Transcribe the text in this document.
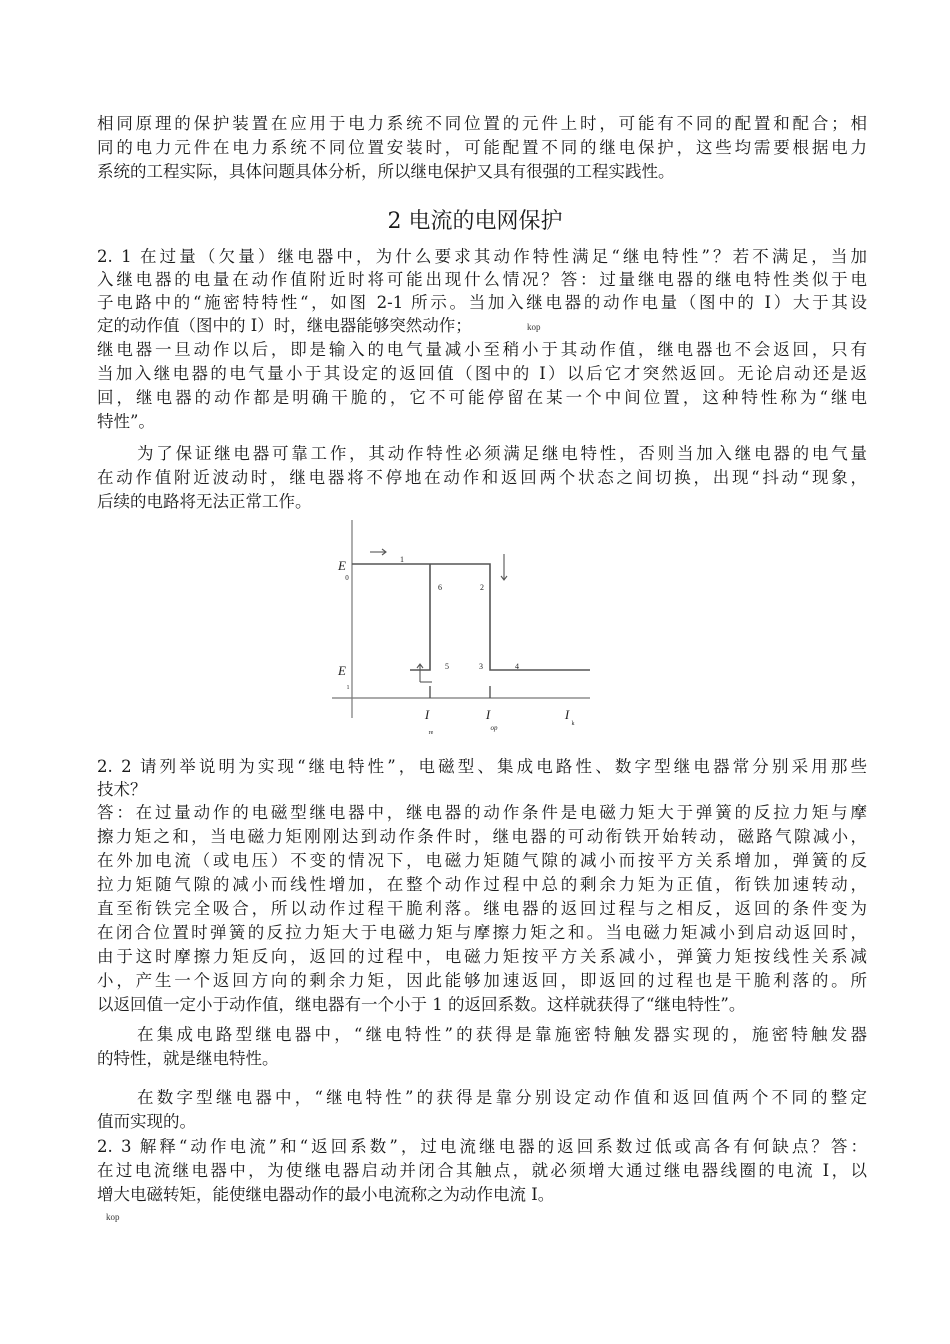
相同原理的保护装置在应用于电力系统不同位置的元件上时，可能有不同的配置和配合；相
同的电力元件在电力系统不同位置安装时，可能配置不同的继电保护，这些均需要根据电力
系统的工程实际，具体问题具体分析，所以继电保护又具有很强的工程实践性。
2 电流的电网保护
2. 1 在过量（欠量）继电器中，为什么要求其动作特性满足“继电特性”？若不满足，当加
入继电器的电量在动作值附近时将可能出现什么情况？答：过量继电器的继电特性类似于电
子电路中的“施密特特性“，如图 2-1 所示。当加入继电器的动作电量（图中的 I）大于其设
定的动作值（图中的 I）时，继电器能够突然动作；	kop
继电器一旦动作以后，即是输入的电气量减小至稍小于其动作值，继电器也不会返回，只有
当加入继电器的电气量小于其设定的返回值（图中的 I）以后它才突然返回。无论启动还是返
回，继电器的动作都是明确干脆的，它不可能停留在某一个中间位置，这种特性称为“继电
特性”。
为了保证继电器可靠工作，其动作特性必须满足继电特性，否则当加入继电器的电气量
在动作值附近波动时，继电器将不停地在动作和返回两个状态之间切换，出现“抖动“现象，
后续的电路将无法正常工作。
E
0
E
1
I
re
I
op
I
k
1
2
3	4
5
6
2. 2 请列举说明为实现“继电特性”，电磁型、集成电路性、数字型继电器常分别采用那些
技术？
答：在过量动作的电磁型继电器中，继电器的动作条件是电磁力矩大于弹簧的反拉力矩与摩
擦力矩之和，当电磁力矩刚刚达到动作条件时，继电器的可动衔铁开始转动，磁路气隙减小，
在外加电流（或电压）不变的情况下，电磁力矩随气隙的减小而按平方关系增加，弹簧的反
拉力矩随气隙的减小而线性增加，在整个动作过程中总的剩余力矩为正值，衔铁加速转动，
直至衔铁完全吸合，所以动作过程干脆利落。继电器的返回过程与之相反，返回的条件变为
在闭合位置时弹簧的反拉力矩大于电磁力矩与摩擦力矩之和。当电磁力矩减小到启动返回时，
由于这时摩擦力矩反向，返回的过程中，电磁力矩按平方关系减小，弹簧力矩按线性关系减
小，产生一个返回方向的剩余力矩，因此能够加速返回，即返回的过程也是干脆利落的。所
以返回值一定小于动作值，继电器有一个小于 1 的返回系数。这样就获得了“继电特性”。
在集成电路型继电器中，“继电特性”的获得是靠施密特触发器实现的，施密特触发器
的特性，就是继电特性。
在数字型继电器中，“继电特性”的获得是靠分别设定动作值和返回值两个不同的整定
值而实现的。
2. 3 解释“动作电流”和“返回系数”，过电流继电器的返回系数过低或高各有何缺点？答：
在过电流继电器中，为使继电器启动并闭合其触点，就必须增大通过继电器线圈的电流 I，以
增大电磁转矩，能使继电器动作的最小电流称之为动作电流 I。
kop
